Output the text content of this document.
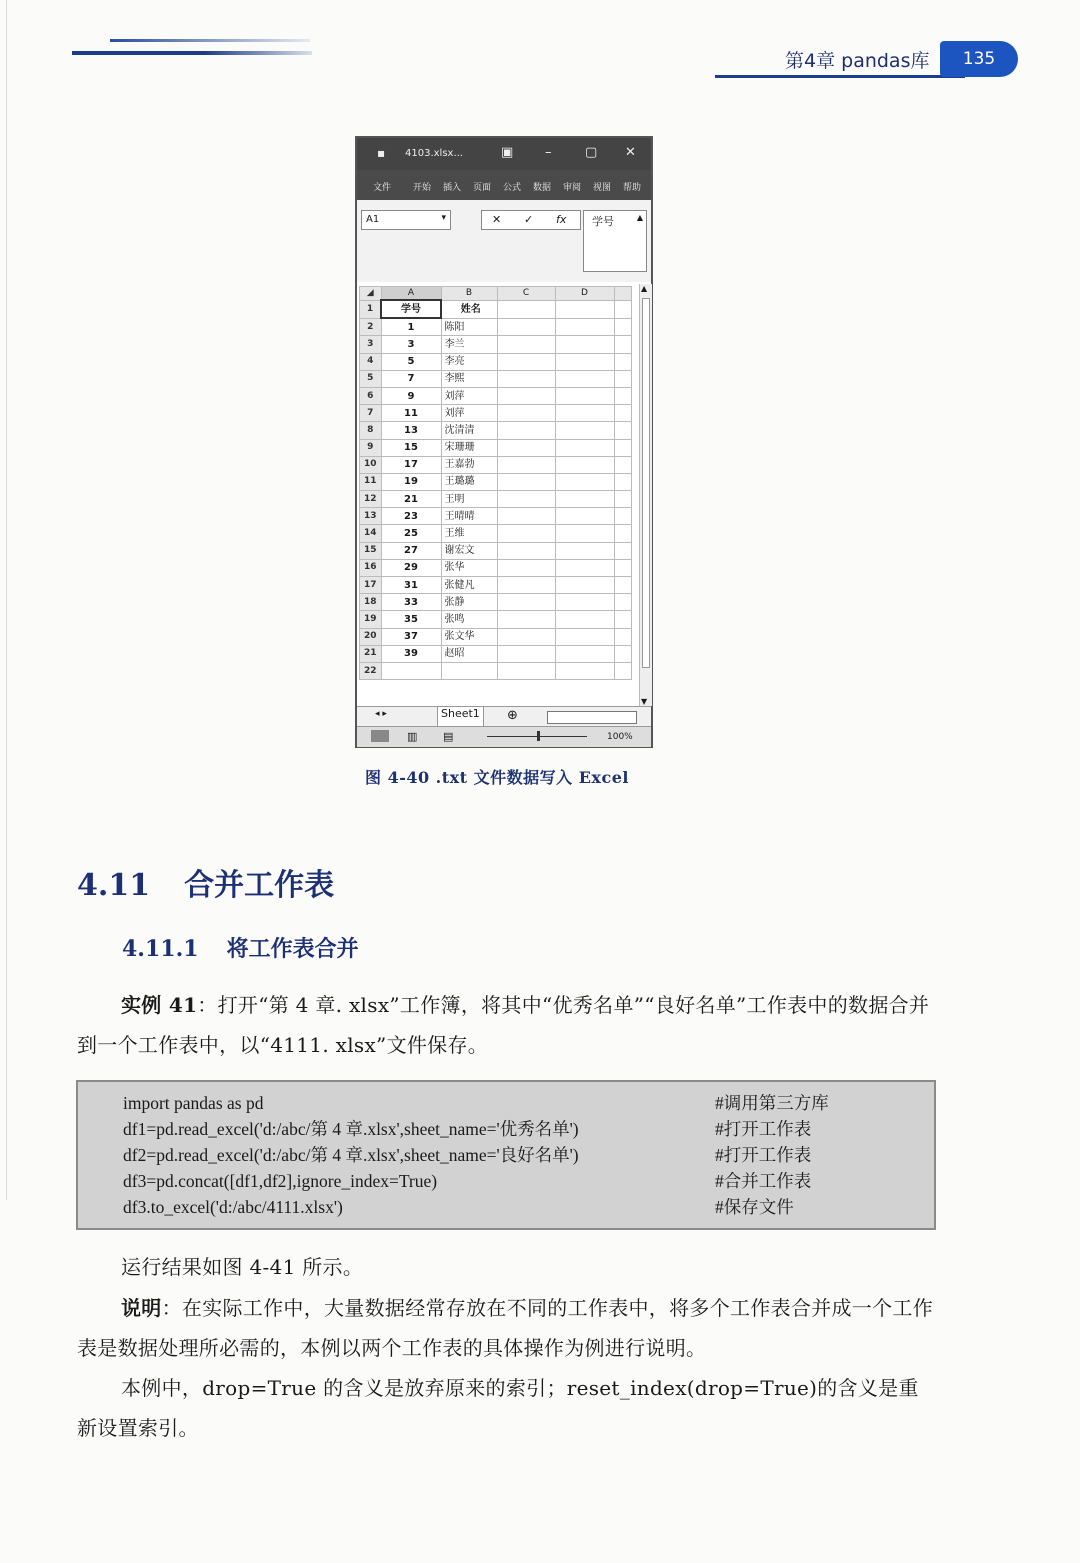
第4章 pandas库	135
▪ 4103.xlsx...	▣ –	▢ ✕
文件 开始 插入 页面 公式 数据 审阅 视图 帮助
A1	▾	✕ ✓ fx	学号	▲
◢	A	B	C	D	
1	学号	姓名			
2	1	陈阳			
3	3	李兰			
4	5	李亮			
5	7	李熙			
6	9	刘萍			
7	11	刘萍			
8	13	沈清清			
9	15	宋珊珊			
10	17	王嘉勃			
11	19	王璐璐			
12	21	王明			
13	23	王晴晴			
14	25	王维			
15	27	谢宏文			
16	29	张华			
17	31	张健凡			
18	33	张静			
19	35	张鸣			
20	37	张文华			
21	39	赵昭			
22					
▲
▼
◂ ▸	Sheet1	⊕
▥ ▤	100%
图 4-40 .txt 文件数据写入 Excel
4.11 合并工作表
4.11.1 将工作表合并
实例 41：打开“第 4 章. xlsx”工作簿，将其中“优秀名单”“良好名单”工作表中的数据合并到一个工作表中，以“4111. xlsx”文件保存。
import pandas as pd	#调用第三方库
df1=pd.read_excel('d:/abc/第 4 章.xlsx',sheet_name='优秀名单')	#打开工作表
df2=pd.read_excel('d:/abc/第 4 章.xlsx',sheet_name='良好名单')	#打开工作表
df3=pd.concat([df1,df2],ignore_index=True)	#合并工作表
df3.to_excel('d:/abc/4111.xlsx')	#保存文件
运行结果如图 4-41 所示。
说明：在实际工作中，大量数据经常存放在不同的工作表中，将多个工作表合并成一个工作表是数据处理所必需的，本例以两个工作表的具体操作为例进行说明。
本例中，drop=True 的含义是放弃原来的索引；reset_index(drop=True)的含义是重新设置索引。
